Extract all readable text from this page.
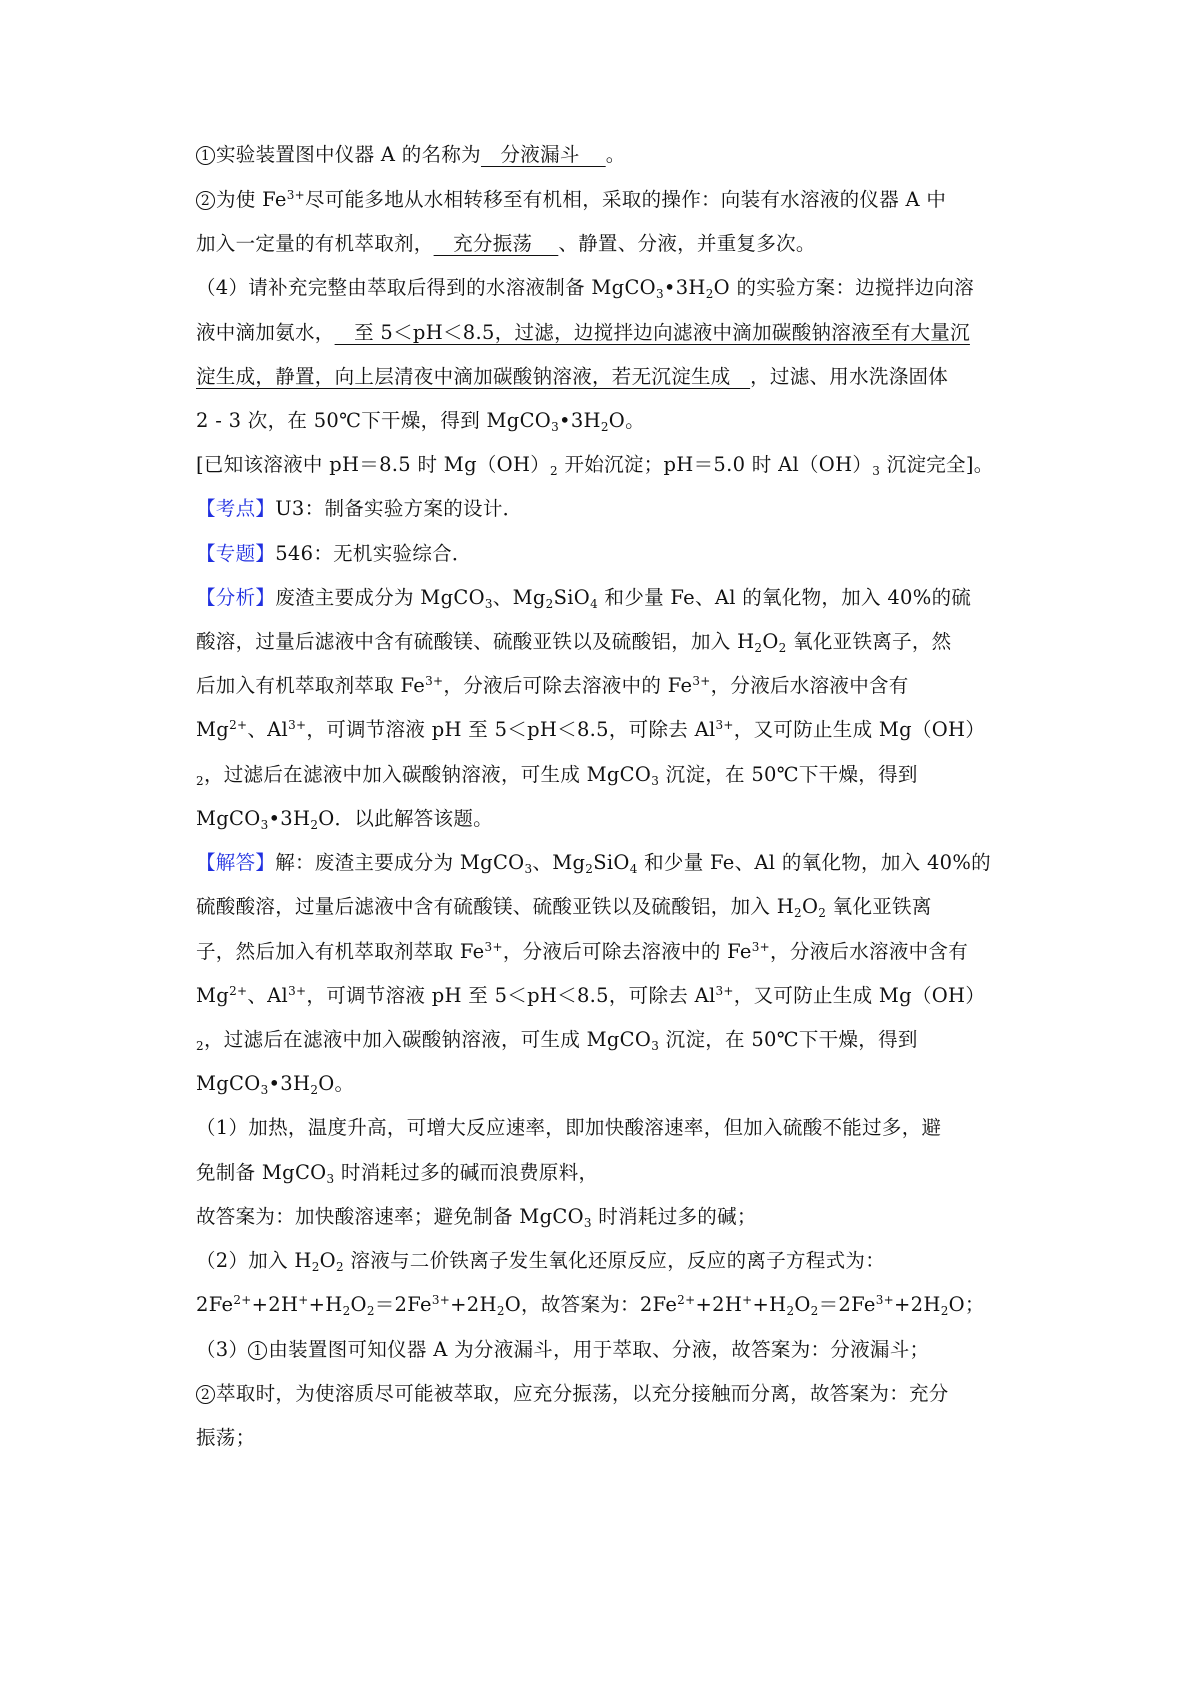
1 实验装置图中仪器 A 的名称为   分液漏斗    。
2 为使 $Fe^{3+}$尽可能多地从水相转移至有机相，采取的操作：向装有水溶液的仪器 A 中
加入一定量的有机萃取剂，   充分振荡    、静置、分液，并重复多次。
（4）请补充完整由萃取后得到的水溶液制备 $MgCO_3•3H_2O$ 的实验方案：边搅拌边向溶
液中滴加氨水，   至 5＜pH＜8.5，过滤，边搅拌边向滤液中滴加碳酸钠溶液至有大量沉
淀生成，静置，向上层清夜中滴加碳酸钠溶液，若无沉淀生成   ，过滤、用水洗涤固体
2 - 3 次，在 50℃下干燥，得到 $MgCO_3•3H_2O$。
[已知该溶液中 pH＝8.5 时 $Mg(OH)_2$ 开始沉淀；pH＝5.0 时 $Al(OH)_3$ 沉淀完全]。
【考点】U3：制备实验方案的设计．
【专题】546：无机实验综合．
【分析】废渣主要成分为 MgCO$_3$、$Mg_2SiO_4$ 和少量 Fe、Al 的氧化物，加入 40%的硫
酸溶，过量后滤液中含有硫酸镁、硫酸亚铁以及硫酸铝，加入 $H_2O_2$ 氧化亚铁离子，然
后加入有机萃取剂萃取 $Fe^{3+}$，分液后可除去溶液中的 $Fe^{3+}$，分液后水溶液中含有
$Mg^{2+}$、$Al^{3+}$，可调节溶液 pH 至 5＜pH＜8.5，可除去 $Al^{3+}$，又可防止生成 Mg（OH）
$_2$，过滤后在滤液中加入碳酸钠溶液，可生成 MgCO$_3$ 沉淀，在 50℃下干燥，得到
$MgCO_3•3H_2O$．以此解答该题。
【解答】解：废渣主要成分为 MgCO$_3$、$Mg_2SiO_4$ 和少量 Fe、Al 的氧化物，加入 40%的
硫酸酸溶，过量后滤液中含有硫酸镁、硫酸亚铁以及硫酸铝，加入 $H_2O_2$ 氧化亚铁离
子，然后加入有机萃取剂萃取 $Fe^{3+}$，分液后可除去溶液中的 $Fe^{3+}$，分液后水溶液中含有
$Mg^{2+}$、$Al^{3+}$，可调节溶液 pH 至 5＜pH＜8.5，可除去 $Al^{3+}$，又可防止生成 Mg（OH）
$_2$，过滤后在滤液中加入碳酸钠溶液，可生成 MgCO$_3$ 沉淀，在 50℃下干燥，得到
$MgCO_3•3H_2O$。
（1）加热，温度升高，可增大反应速率，即加快酸溶速率，但加入硫酸不能过多，避
免制备 MgCO$_3$ 时消耗过多的碱而浪费原料，
故答案为：加快酸溶速率；避免制备 MgCO$_3$ 时消耗过多的碱；
（2）加入 $H_2O_2$ 溶液与二价铁离子发生氧化还原反应，反应的离子方程式为：
$2Fe^{2+}+2H^++H_2O_2=2Fe^{3+}+2H_2O$，故答案为：$2Fe^{2+}+2H^++H_2O_2=2Fe^{3+}+2H_2O$；
（3） 1 由装置图可知仪器 A 为分液漏斗，用于萃取、分液，故答案为：分液漏斗；
2 萃取时，为使溶质尽可能被萃取，应充分振荡，以充分接触而分离，故答案为：充分
振荡；
